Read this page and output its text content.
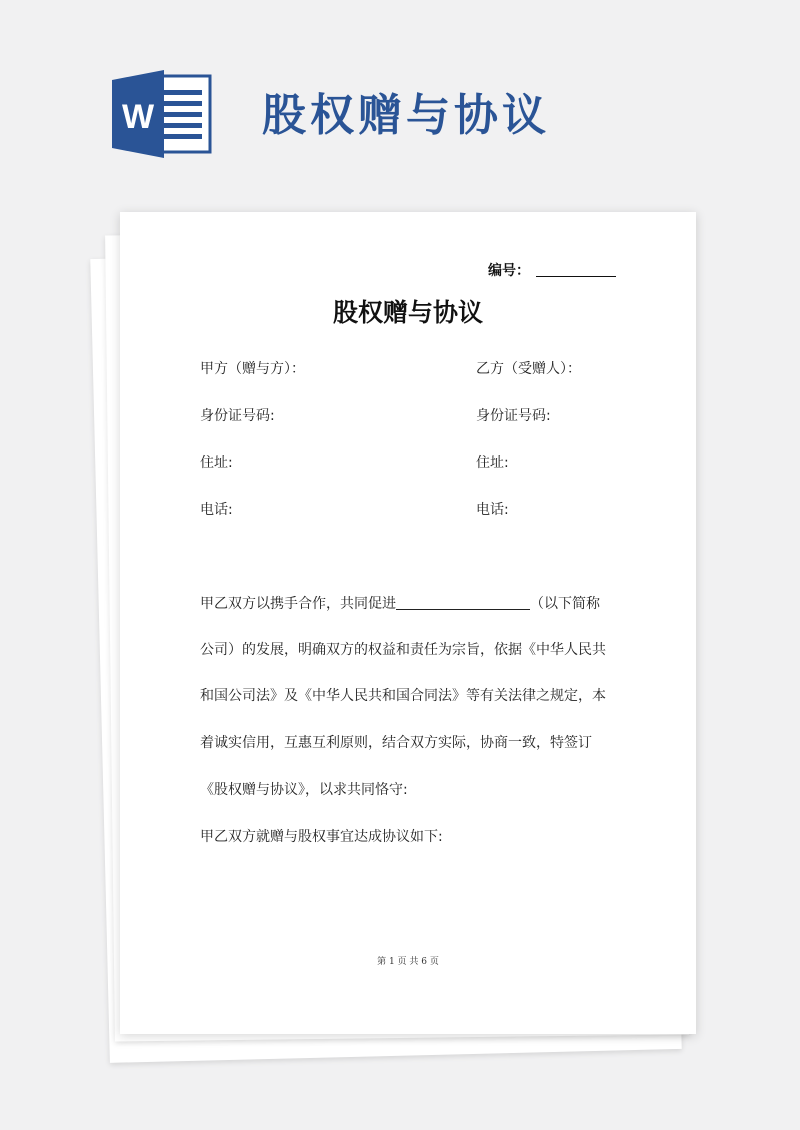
W 股权赠与协议
编号：
股权赠与协议
甲方（赠与方）：	乙方（受赠人）：
身份证号码:	身份证号码:
住址:	住址:
电话:	电话:
甲乙双方以携手合作，共同促进	（以下简称
公司）的发展，明确双方的权益和责任为宗旨，依据《中华人民共
和国公司法》及《中华人民共和国合同法》等有关法律之规定，本
着诚实信用，互惠互利原则，结合双方实际，协商一致，特签订
《股权赠与协议》，以求共同恪守:
甲乙双方就赠与股权事宜达成协议如下:
第 1 页 共 6 页
